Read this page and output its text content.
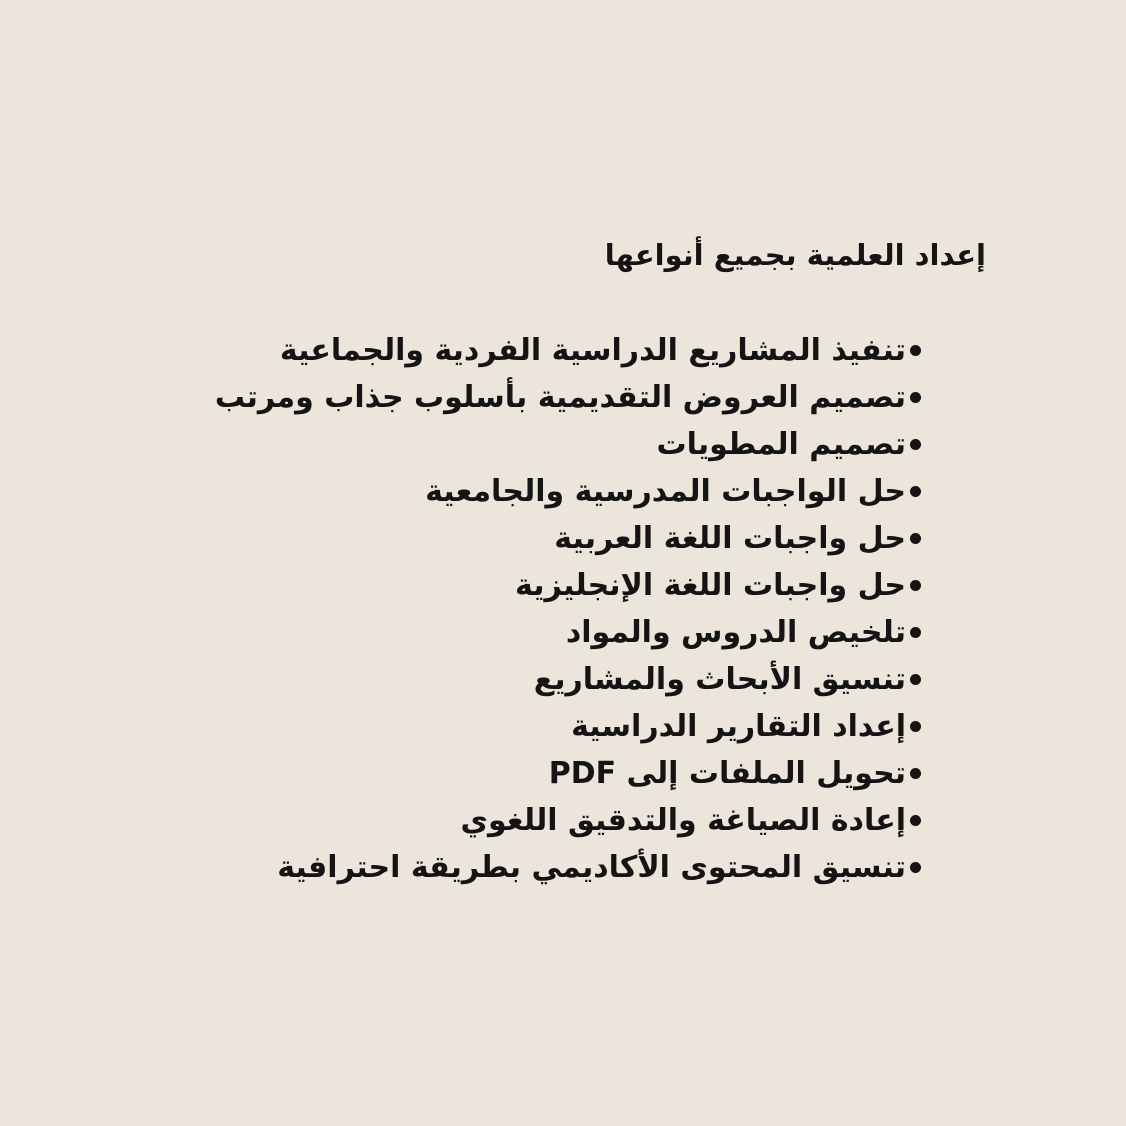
إعداد العلمية بجميع أنواعها
تنفيذ المشاريع الدراسية الفردية والجماعية
تصميم العروض التقديمية بأسلوب جذاب ومرتب
تصميم المطويات
حل الواجبات المدرسية والجامعية
حل واجبات اللغة العربية
حل واجبات اللغة الإنجليزية
تلخيص الدروس والمواد
تنسيق الأبحاث والمشاريع
إعداد التقارير الدراسية
تحويل الملفات إلى PDF
إعادة الصياغة والتدقيق اللغوي
تنسيق المحتوى الأكاديمي بطريقة احترافية
